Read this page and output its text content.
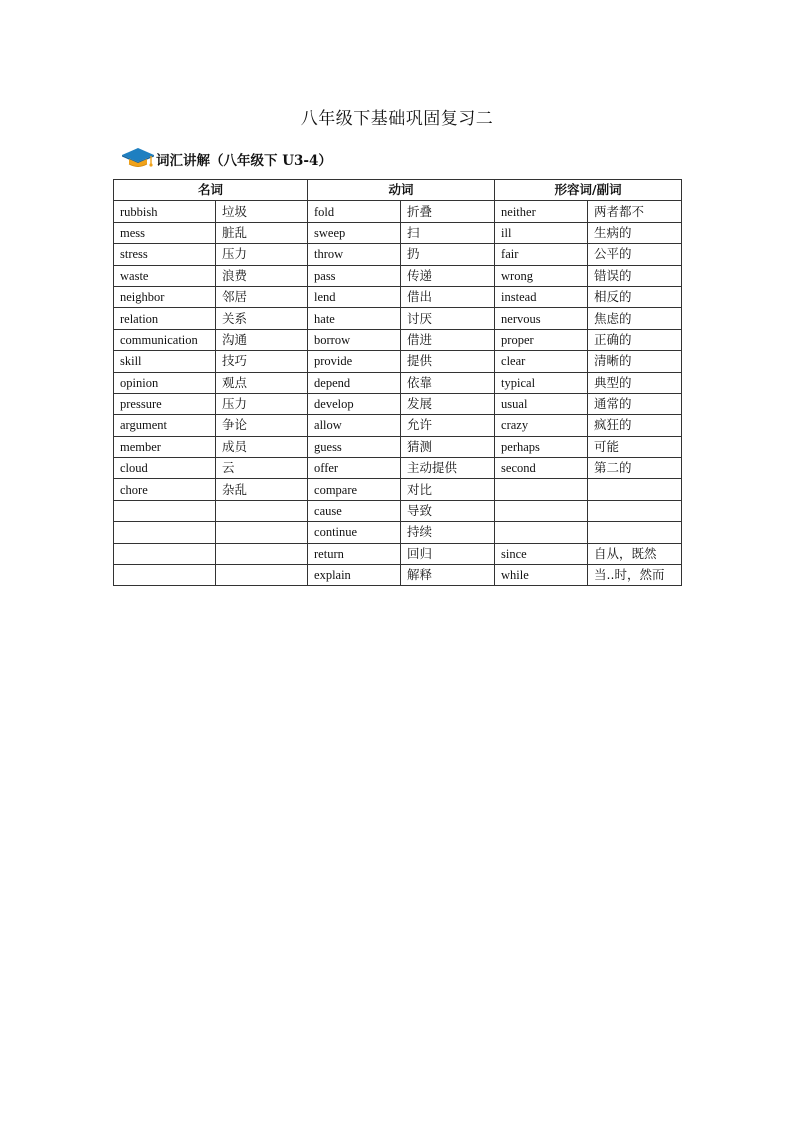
八年级下基础巩固复习二
词汇讲解（八年级下 U3-4）
名词		动词		形容词/副词	
rubbish	垃圾	fold	折叠	neither	两者都不
mess	脏乱	sweep	扫	ill	生病的
stress	压力	throw	扔	fair	公平的
waste	浪费	pass	传递	wrong	错误的
neighbor	邻居	lend	借出	instead	相反的
relation	关系	hate	讨厌	nervous	焦虑的
communication	沟通	borrow	借进	proper	正确的
skill	技巧	provide	提供	clear	清晰的
opinion	观点	depend	依靠	typical	典型的
pressure	压力	develop	发展	usual	通常的
argument	争论	allow	允许	crazy	疯狂的
member	成员	guess	猜测	perhaps	可能
cloud	云	offer	主动提供	second	第二的
chore	杂乱	compare	对比		
		cause	导致		
		continue	持续		
		return	回归	since	自从，既然
		explain	解释	while	当..时，然而
